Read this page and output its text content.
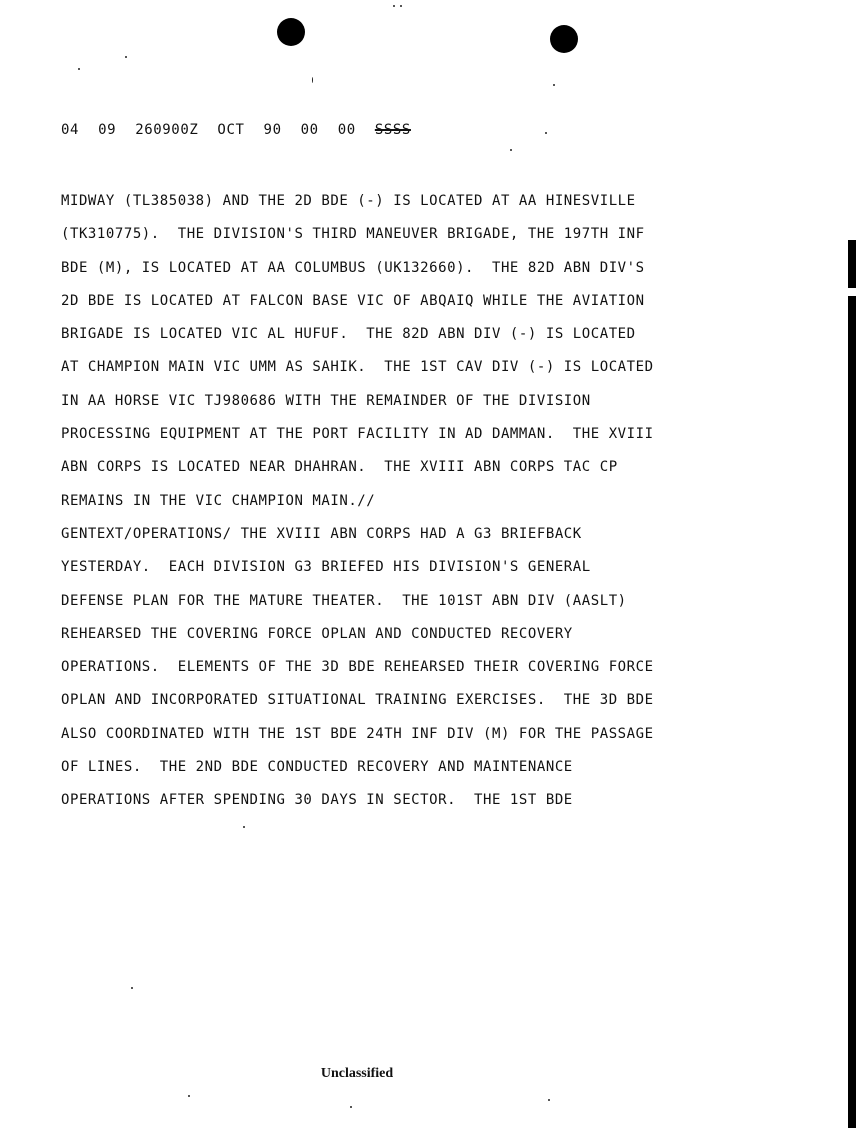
04 09 260900Z OCT 90 00 00 SSSS
MIDWAY (TL385038) AND THE 2D BDE (-) IS LOCATED AT AA HINESVILLE
(TK310775).  THE DIVISION'S THIRD MANEUVER BRIGADE, THE 197TH INF
BDE (M), IS LOCATED AT AA COLUMBUS (UK132660).  THE 82D ABN DIV'S
2D BDE IS LOCATED AT FALCON BASE VIC OF ABQAIQ WHILE THE AVIATION
BRIGADE IS LOCATED VIC AL HUFUF.  THE 82D ABN DIV (-) IS LOCATED
AT CHAMPION MAIN VIC UMM AS SAHIK.  THE 1ST CAV DIV (-) IS LOCATED
IN AA HORSE VIC TJ980686 WITH THE REMAINDER OF THE DIVISION
PROCESSING EQUIPMENT AT THE PORT FACILITY IN AD DAMMAN.  THE XVIII
ABN CORPS IS LOCATED NEAR DHAHRAN.  THE XVIII ABN CORPS TAC CP
REMAINS IN THE VIC CHAMPION MAIN.//
GENTEXT/OPERATIONS/ THE XVIII ABN CORPS HAD A G3 BRIEFBACK
YESTERDAY.  EACH DIVISION G3 BRIEFED HIS DIVISION'S GENERAL
DEFENSE PLAN FOR THE MATURE THEATER.  THE 101ST ABN DIV (AASLT)
REHEARSED THE COVERING FORCE OPLAN AND CONDUCTED RECOVERY
OPERATIONS.  ELEMENTS OF THE 3D BDE REHEARSED THEIR COVERING FORCE
OPLAN AND INCORPORATED SITUATIONAL TRAINING EXERCISES.  THE 3D BDE
ALSO COORDINATED WITH THE 1ST BDE 24TH INF DIV (M) FOR THE PASSAGE
OF LINES.  THE 2ND BDE CONDUCTED RECOVERY AND MAINTENANCE
OPERATIONS AFTER SPENDING 30 DAYS IN SECTOR.  THE 1ST BDE
Unclassified
